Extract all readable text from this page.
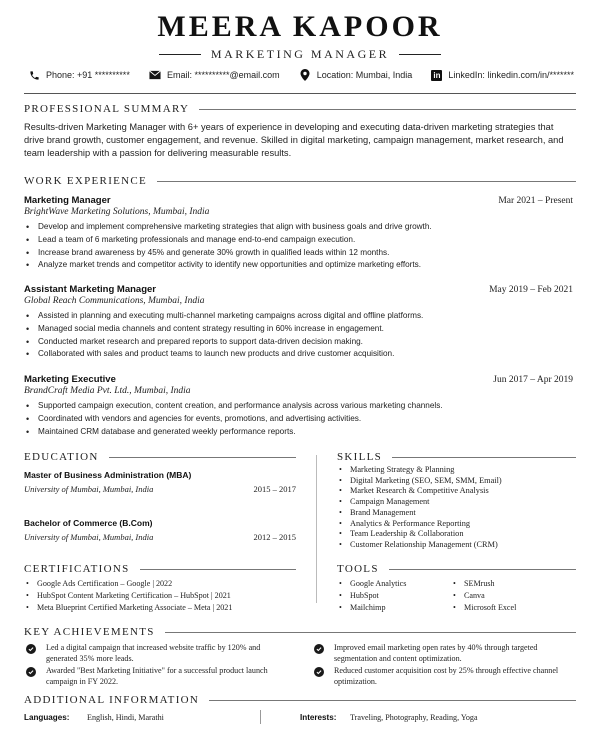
MEERA KAPOOR
MARKETING MANAGER
Phone: +91 **********	Email: **********@email.com	Location: Mumbai, India	in LinkedIn: linkedin.com/in/*******
PROFESSIONAL SUMMARY
Results-driven Marketing Manager with 6+ years of experience in developing and executing data-driven marketing strategies that drive brand growth, customer engagement, and revenue. Skilled in digital marketing, campaign management, market research, and team leadership with a passion for delivering measurable results.
WORK EXPERIENCE
Marketing Manager	Mar 2021 – Present
BrightWave Marketing Solutions, Mumbai, India
• Develop and implement comprehensive marketing strategies that align with business goals and drive growth.
• Lead a team of 6 marketing professionals and manage end-to-end campaign execution.
• Increase brand awareness by 45% and generate 30% growth in qualified leads within 12 months.
• Analyze market trends and competitor activity to identify new opportunities and optimize marketing efforts.
Assistant Marketing Manager	May 2019 – Feb 2021
Global Reach Communications, Mumbai, India
• Assisted in planning and executing multi-channel marketing campaigns across digital and offline platforms.
• Managed social media channels and content strategy resulting in 60% increase in engagement.
• Conducted market research and prepared reports to support data-driven decision making.
• Collaborated with sales and product teams to launch new products and drive customer acquisition.
Marketing Executive	Jun 2017 – Apr 2019
BrandCraft Media Pvt. Ltd., Mumbai, India
• Supported campaign execution, content creation, and performance analysis across various marketing channels.
• Coordinated with vendors and agencies for events, promotions, and advertising activities.
• Maintained CRM database and generated weekly performance reports.
EDUCATION
Master of Business Administration (MBA)
University of Mumbai, Mumbai, India	2015 – 2017
Bachelor of Commerce (B.Com)
University of Mumbai, Mumbai, India	2012 – 2015
SKILLS
• Marketing Strategy & Planning
• Digital Marketing (SEO, SEM, SMM, Email)
• Market Research & Competitive Analysis
• Campaign Management
• Brand Management
• Analytics & Performance Reporting
• Team Leadership & Collaboration
• Customer Relationship Management (CRM)
CERTIFICATIONS
• Google Ads Certification – Google | 2022
• HubSpot Content Marketing Certification – HubSpot | 2021
• Meta Blueprint Certified Marketing Associate – Meta | 2021
TOOLS
• Google Analytics
• HubSpot
• Mailchimp
• SEMrush
• Canva
• Microsoft Excel
KEY ACHIEVEMENTS
Led a digital campaign that increased website traffic by 120% and generated 35% more leads.
Improved email marketing open rates by 40% through targeted segmentation and content optimization.
Awarded "Best Marketing Initiative" for a successful product launch campaign in FY 2022.
Reduced customer acquisition cost by 25% through effective channel optimization.
ADDITIONAL INFORMATION
Languages: English, Hindi, Marathi	Interests: Traveling, Photography, Reading, Yoga
